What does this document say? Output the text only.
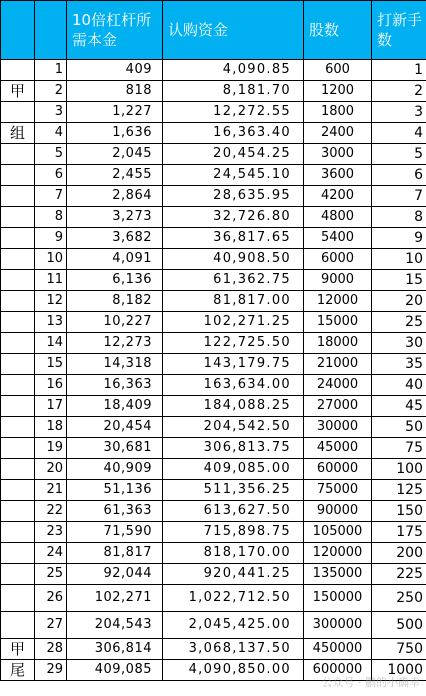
		10倍杠杆所需本金	认购资金	股数	打新手数
	1	409	4,090.85	600	1
甲	2	818	8,181.70	1200	2
	3	1,227	12,272.55	1800	3
组	4	1,636	16,363.40	2400	4
	5	2,045	20,454.25	3000	5
	6	2,455	24,545.10	3600	6
	7	2,864	28,635.95	4200	7
	8	3,273	32,726.80	4800	8
	9	3,682	36,817.65	5400	9
	10	4,091	40,908.50	6000	10
	11	6,136	61,362.75	9000	15
	12	8,182	81,817.00	12000	20
	13	10,227	102,271.25	15000	25
	14	12,273	122,725.50	18000	30
	15	14,318	143,179.75	21000	35
	16	16,363	163,634.00	24000	40
	17	18,409	184,088.25	27000	45
	18	20,454	204,542.50	30000	50
	19	30,681	306,813.75	45000	75
	20	40,909	409,085.00	60000	100
	21	51,136	511,356.25	75000	125
	22	61,363	613,627.50	90000	150
	23	71,590	715,898.75	105000	175
	24	81,817	818,170.00	120000	200
	25	92,044	920,441.25	135000	225
	26	102,271	1,022,712.50	150000	250
	27	204,543	2,045,425.00	300000	500
甲	28	306,814	3,068,137.50	450000	750
尾	29	409,085	4,090,850.00	600000	1000
公众号 · 鹏的小确幸
